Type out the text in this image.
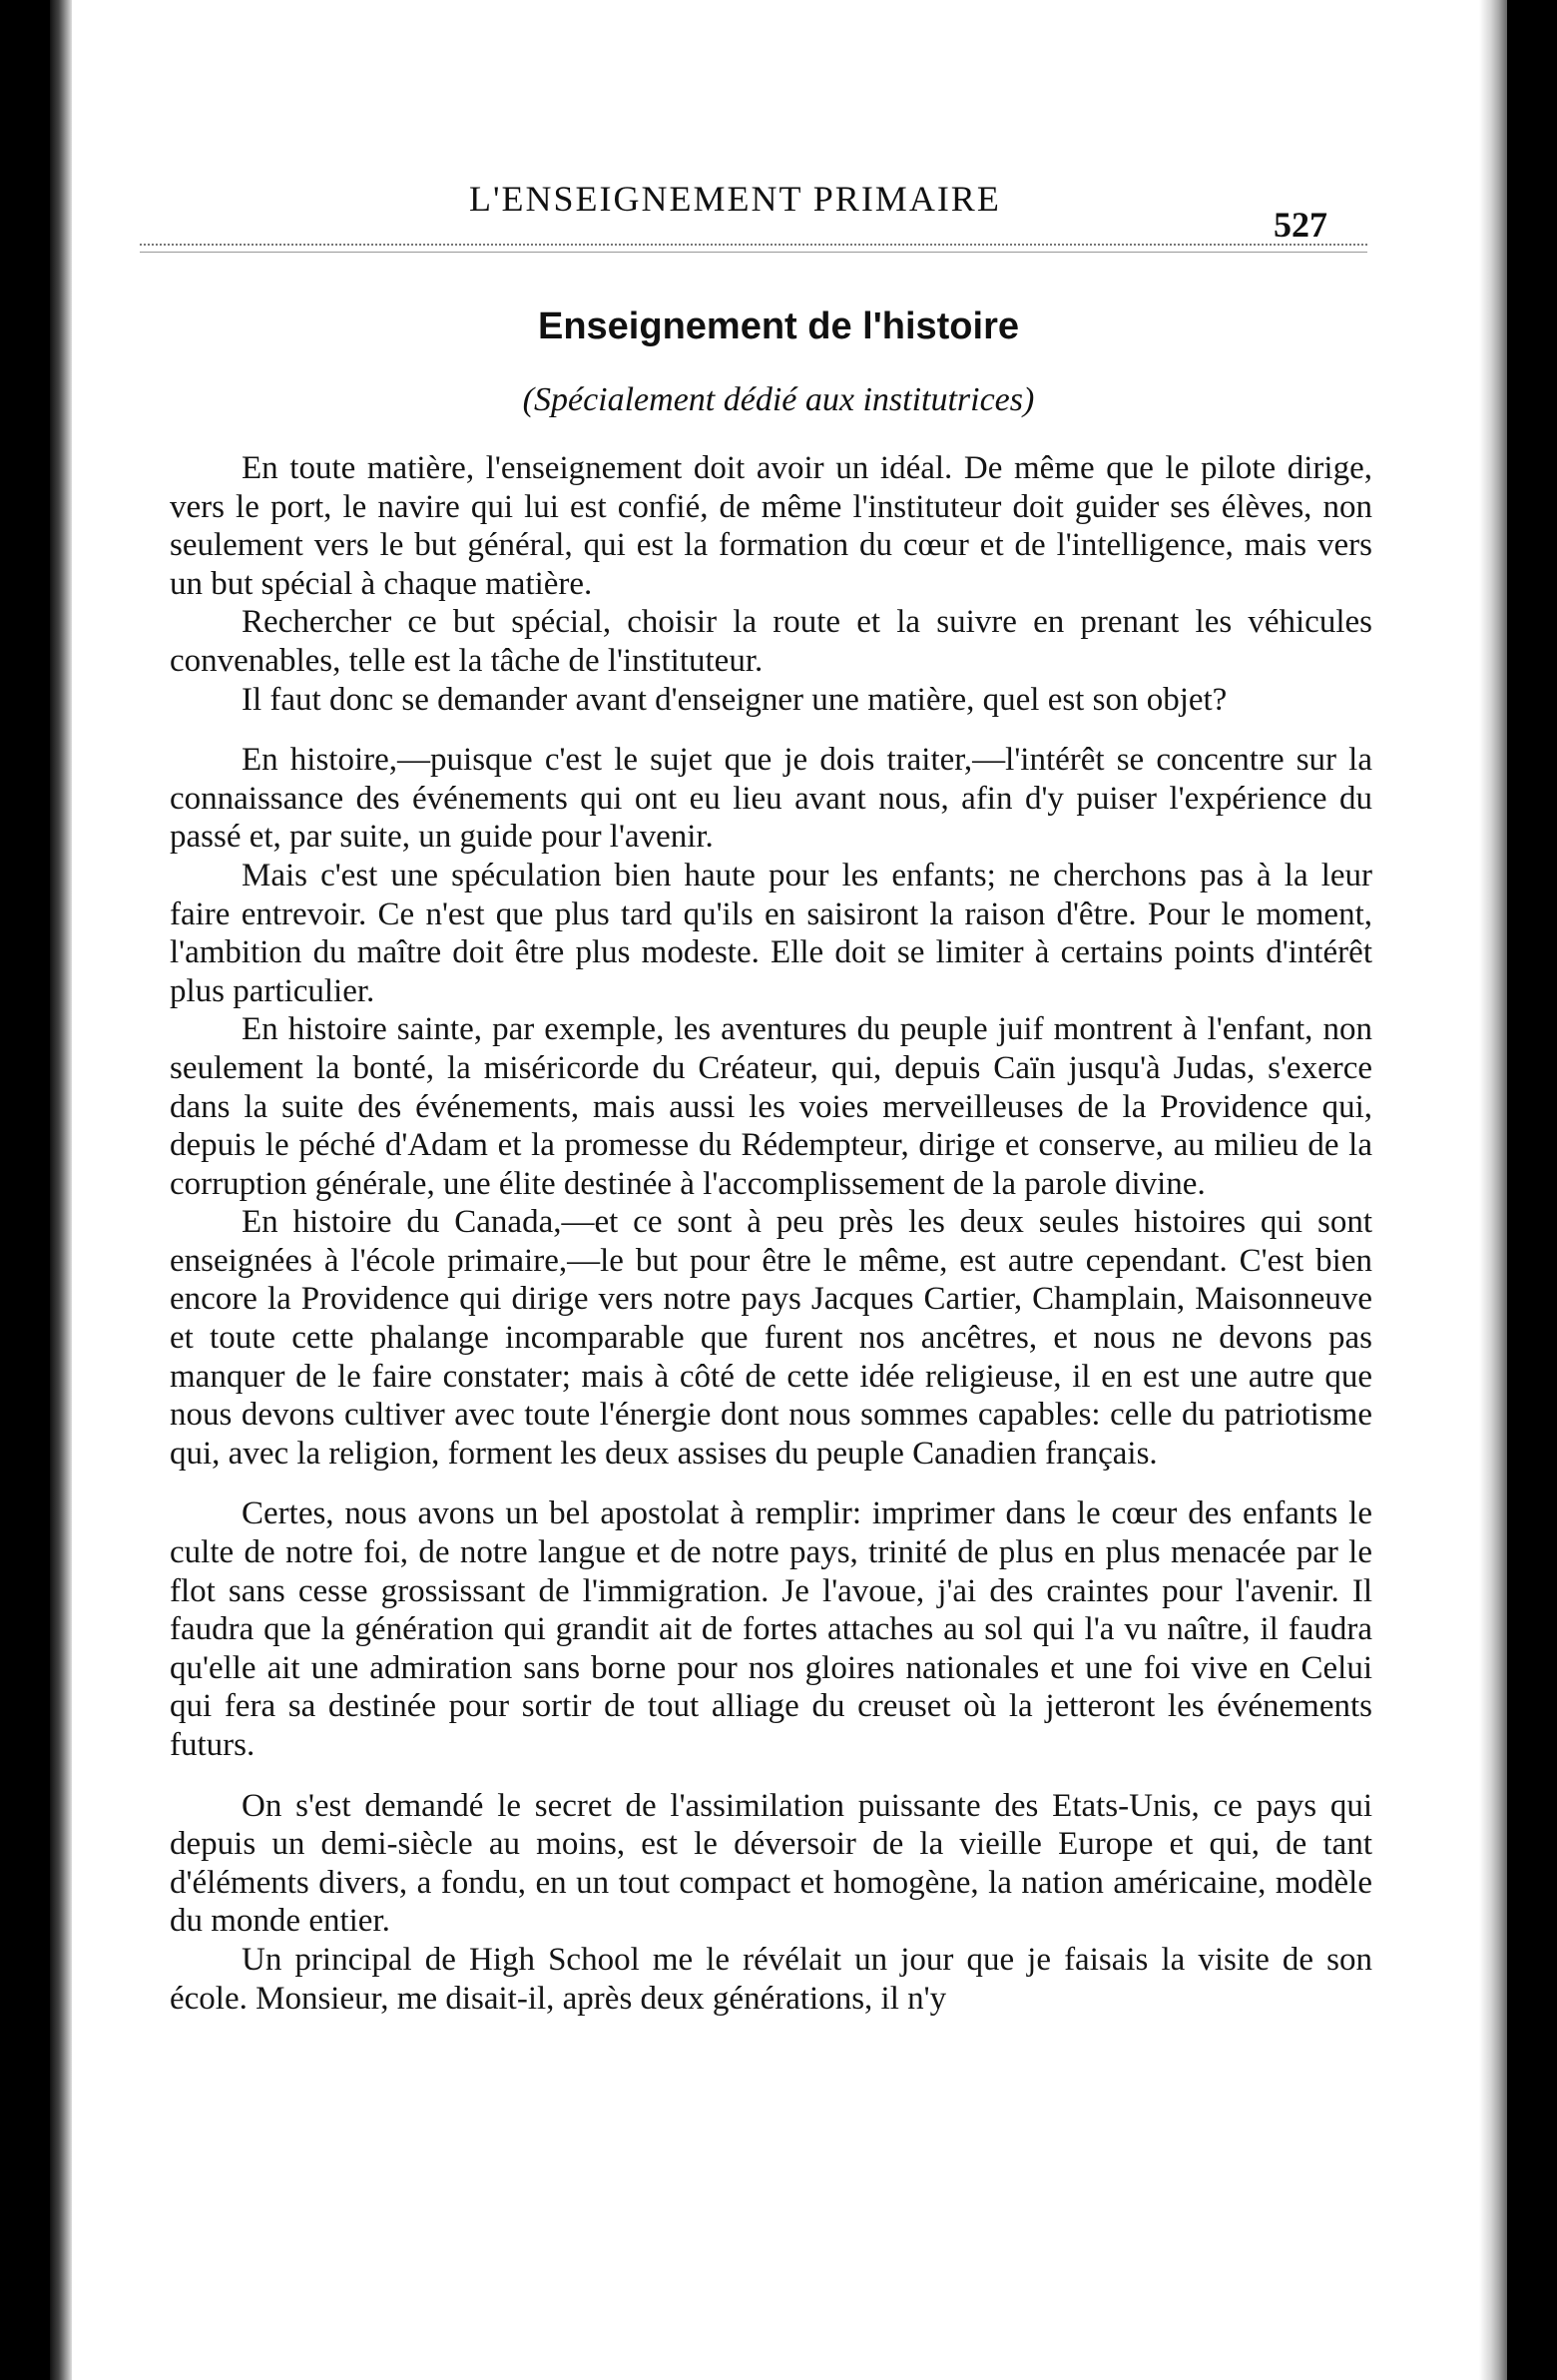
L'ENSEIGNEMENT PRIMAIRE
527
Enseignement de l'histoire
(Spécialement dédié aux institutrices)

En toute matière, l'enseignement doit avoir un idéal. De même que le pilote dirige, vers le port, le navire qui lui est confié, de même l'instituteur doit guider ses élèves, non seulement vers le but général, qui est la formation du cœur et de l'intelligence, mais vers un but spécial à chaque matière.

Rechercher ce but spécial, choisir la route et la suivre en prenant les véhicules convenables, telle est la tâche de l'instituteur.

Il faut donc se demander avant d'enseigner une matière, quel est son objet?

En histoire,—puisque c'est le sujet que je dois traiter,—l'intérêt se concentre sur la connaissance des événements qui ont eu lieu avant nous, afin d'y puiser l'expérience du passé et, par suite, un guide pour l'avenir.

Mais c'est une spéculation bien haute pour les enfants; ne cherchons pas à la leur faire entrevoir. Ce n'est que plus tard qu'ils en saisiront la raison d'être. Pour le moment, l'ambition du maître doit être plus modeste. Elle doit se limiter à certains points d'intérêt plus particulier.

En histoire sainte, par exemple, les aventures du peuple juif montrent à l'enfant, non seulement la bonté, la miséricorde du Créateur, qui, depuis Caïn jusqu'à Judas, s'exerce dans la suite des événements, mais aussi les voies merveilleuses de la Providence qui, depuis le péché d'Adam et la promesse du Rédempteur, dirige et conserve, au milieu de la corruption générale, une élite destinée à l'accomplissement de la parole divine.

En histoire du Canada,—et ce sont à peu près les deux seules histoires qui sont enseignées à l'école primaire,—le but pour être le même, est autre cependant. C'est bien encore la Providence qui dirige vers notre pays Jacques Cartier, Champlain, Maisonneuve et toute cette phalange incomparable que furent nos ancêtres, et nous ne devons pas manquer de le faire constater; mais à côté de cette idée religieuse, il en est une autre que nous devons cultiver avec toute l'énergie dont nous sommes capables: celle du patriotisme qui, avec la religion, forment les deux assises du peuple Canadien français.

Certes, nous avons un bel apostolat à remplir: imprimer dans le cœur des enfants le culte de notre foi, de notre langue et de notre pays, trinité de plus en plus menacée par le flot sans cesse grossissant de l'immigration. Je l'avoue, j'ai des craintes pour l'avenir. Il faudra que la génération qui grandit ait de fortes attaches au sol qui l'a vu naître, il faudra qu'elle ait une admiration sans borne pour nos gloires nationales et une foi vive en Celui qui fera sa destinée pour sortir de tout alliage du creuset où la jetteront les événements futurs.

On s'est demandé le secret de l'assimilation puissante des Etats-Unis, ce pays qui depuis un demi-siècle au moins, est le déversoir de la vieille Europe et qui, de tant d'éléments divers, a fondu, en un tout compact et homogène, la nation américaine, modèle du monde entier.

Un principal de High School me le révélait un jour que je faisais la visite de son école. Monsieur, me disait-il, après deux générations, il n'y
